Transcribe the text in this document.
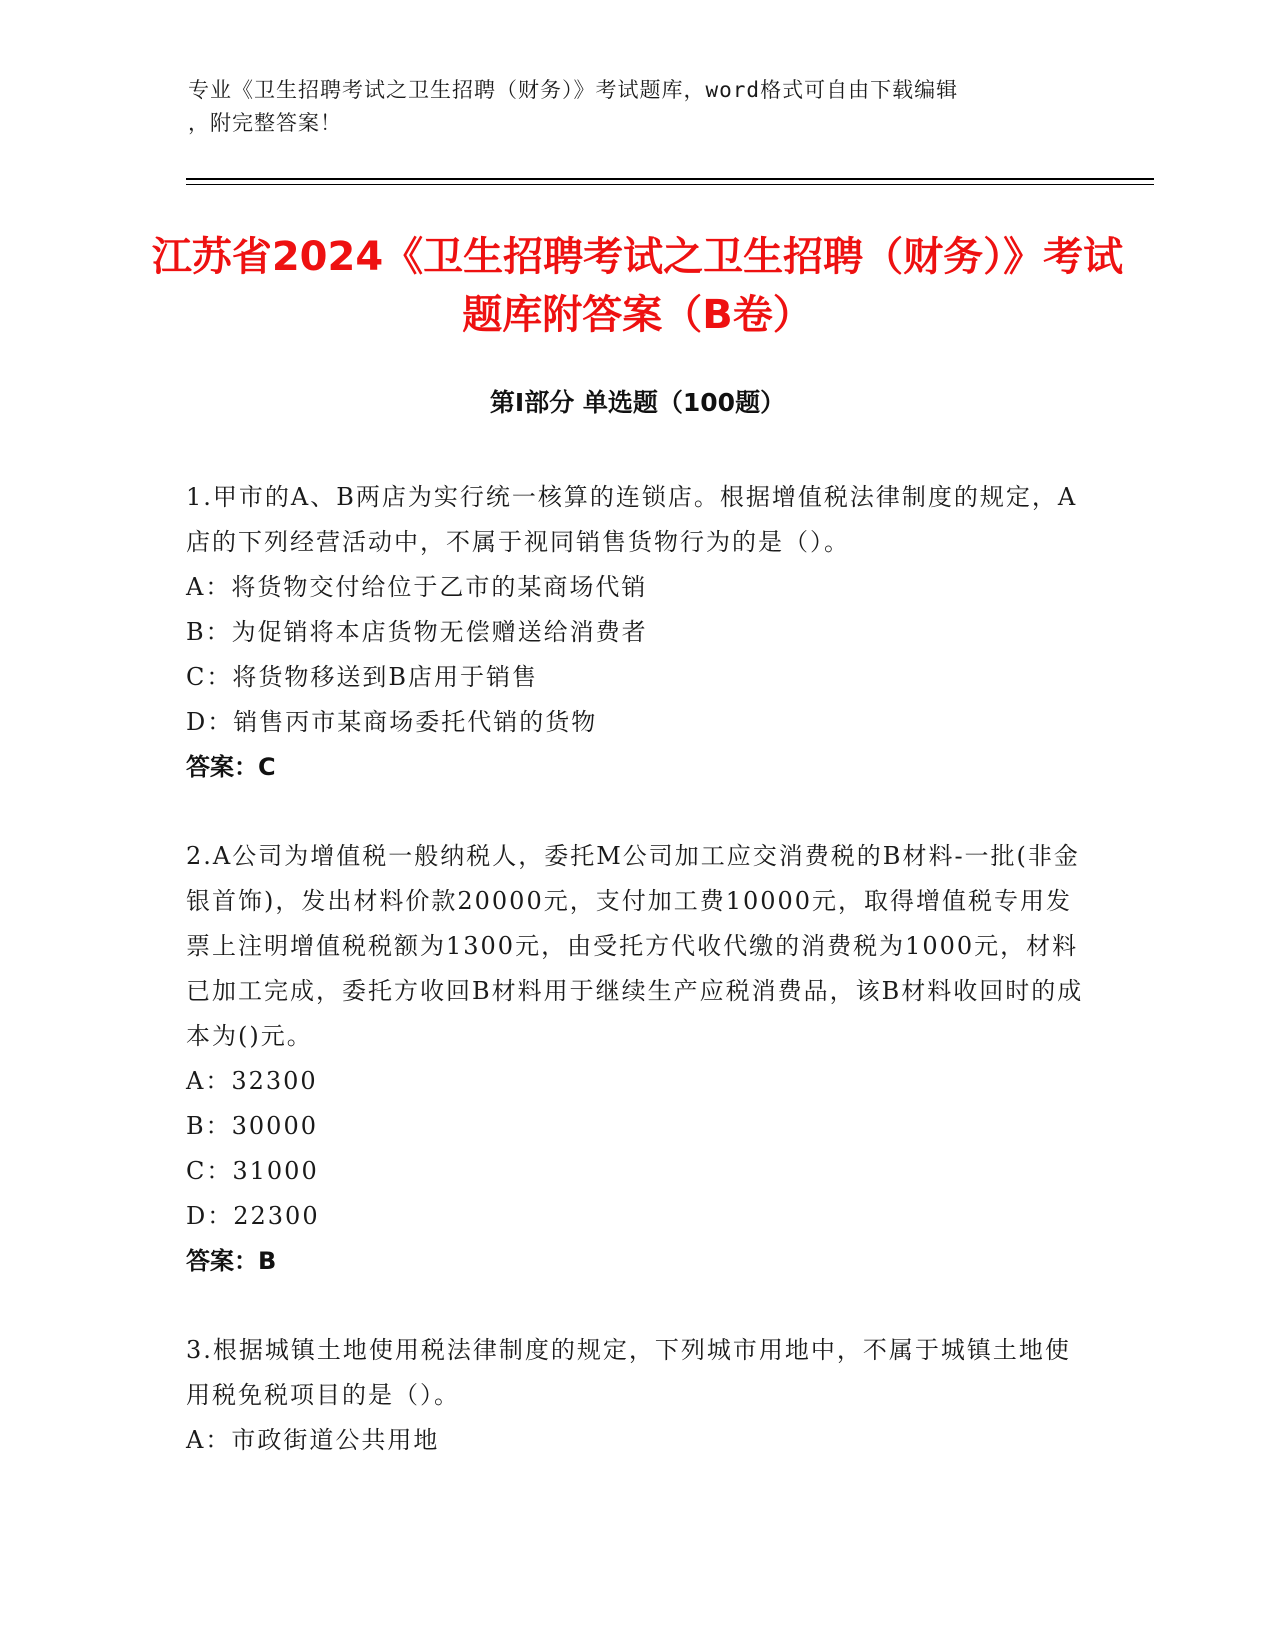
专业《卫生招聘考试之卫生招聘（财务）》考试题库，word格式可自由下载编辑
，附完整答案！
江苏省2024《卫生招聘考试之卫生招聘（财务）》考试题库附答案（B卷）
第Ⅰ部分 单选题（100题）
1.甲市的A、B两店为实行统一核算的连锁店。根据增值税法律制度的规定，A店的下列经营活动中，不属于视同销售货物行为的是（）。
A：将货物交付给位于乙市的某商场代销
B：为促销将本店货物无偿赠送给消费者
C：将货物移送到B店用于销售
D：销售丙市某商场委托代销的货物
答案：C
2.A公司为增值税一般纳税人，委托M公司加工应交消费税的B材料-一批(非金银首饰)，发出材料价款20000元，支付加工费10000元，取得增值税专用发票上注明增值税税额为1300元，由受托方代收代缴的消费税为1000元，材料已加工完成，委托方收回B材料用于继续生产应税消费品，该B材料收回时的成本为()元。
A：32300
B：30000
C：31000
D：22300
答案：B
3.根据城镇土地使用税法律制度的规定，下列城市用地中，不属于城镇土地使用税免税项目的是（）。
A：市政街道公共用地
